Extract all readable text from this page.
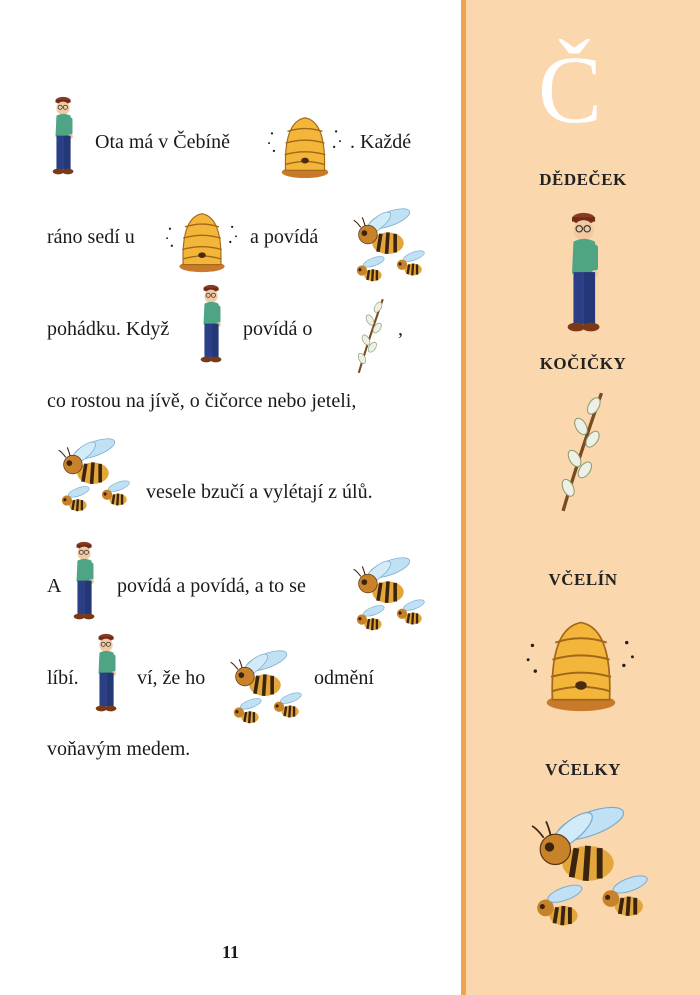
Ota má v Čebíně	. Každé
ráno sedí u	a povídá
pohádku. Když	povídá o	,
co rostou na jívě, o čičorce nebo jeteli,
vesele bzučí a vylétají z úlů.
A	povídá a povídá, a to se
líbí.	ví, že ho	odmění
voňavým medem.
11
Č
DĚDEČEK
KOČIČKY
VČELÍN
VČELKY
